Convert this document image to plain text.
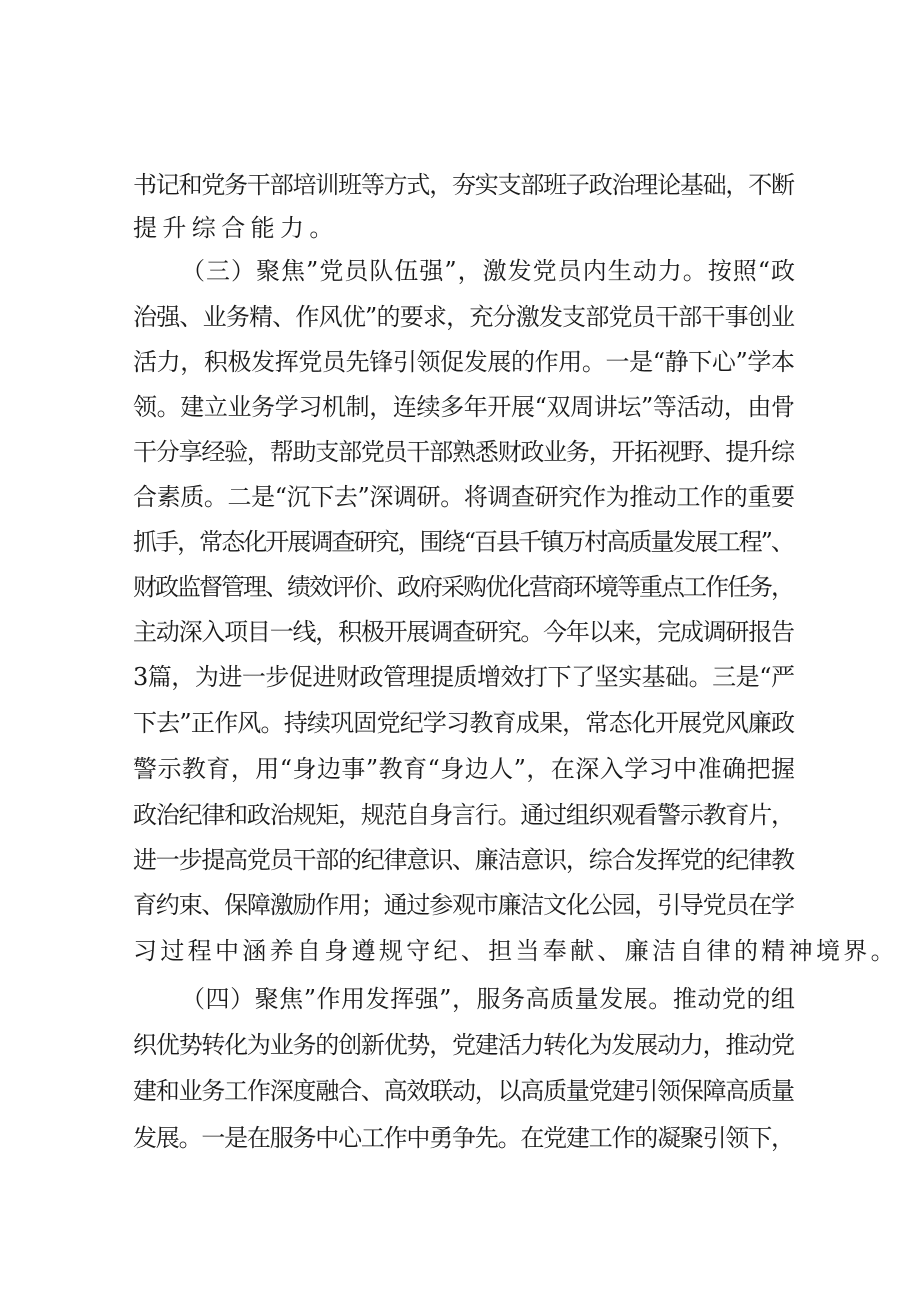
书记和党务干部培训班等方式，夯实支部班子政治理论基础，不断
提升综合能力。
（三）聚焦”党员队伍强”，激发党员内生动力。按照“政
治强、业务精、作风优”的要求，充分激发支部党员干部干事创业
活力，积极发挥党员先锋引领促发展的作用。一是“静下心”学本
领。建立业务学习机制，连续多年开展“双周讲坛”等活动，由骨
干分享经验，帮助支部党员干部熟悉财政业务，开拓视野、提升综
合素质。二是“沉下去”深调研。将调查研究作为推动工作的重要
抓手，常态化开展调查研究，围绕“百县千镇万村高质量发展工程”、
财政监督管理、绩效评价、政府采购优化营商环境等重点工作任务，
主动深入项目一线，积极开展调查研究。今年以来，完成调研报告
3篇，为进一步促进财政管理提质增效打下了坚实基础。三是“严
下去”正作风。持续巩固党纪学习教育成果，常态化开展党风廉政
警示教育，用“身边事”教育“身边人”，在深入学习中准确把握
政治纪律和政治规矩，规范自身言行。通过组织观看警示教育片，
进一步提高党员干部的纪律意识、廉洁意识，综合发挥党的纪律教
育约束、保障激励作用；通过参观市廉洁文化公园，引导党员在学
习过程中涵养自身遵规守纪、担当奉献、廉洁自律的精神境界。
（四）聚焦”作用发挥强”，服务高质量发展。推动党的组
织优势转化为业务的创新优势，党建活力转化为发展动力，推动党
建和业务工作深度融合、高效联动，以高质量党建引领保障高质量
发展。一是在服务中心工作中勇争先。在党建工作的凝聚引领下，
